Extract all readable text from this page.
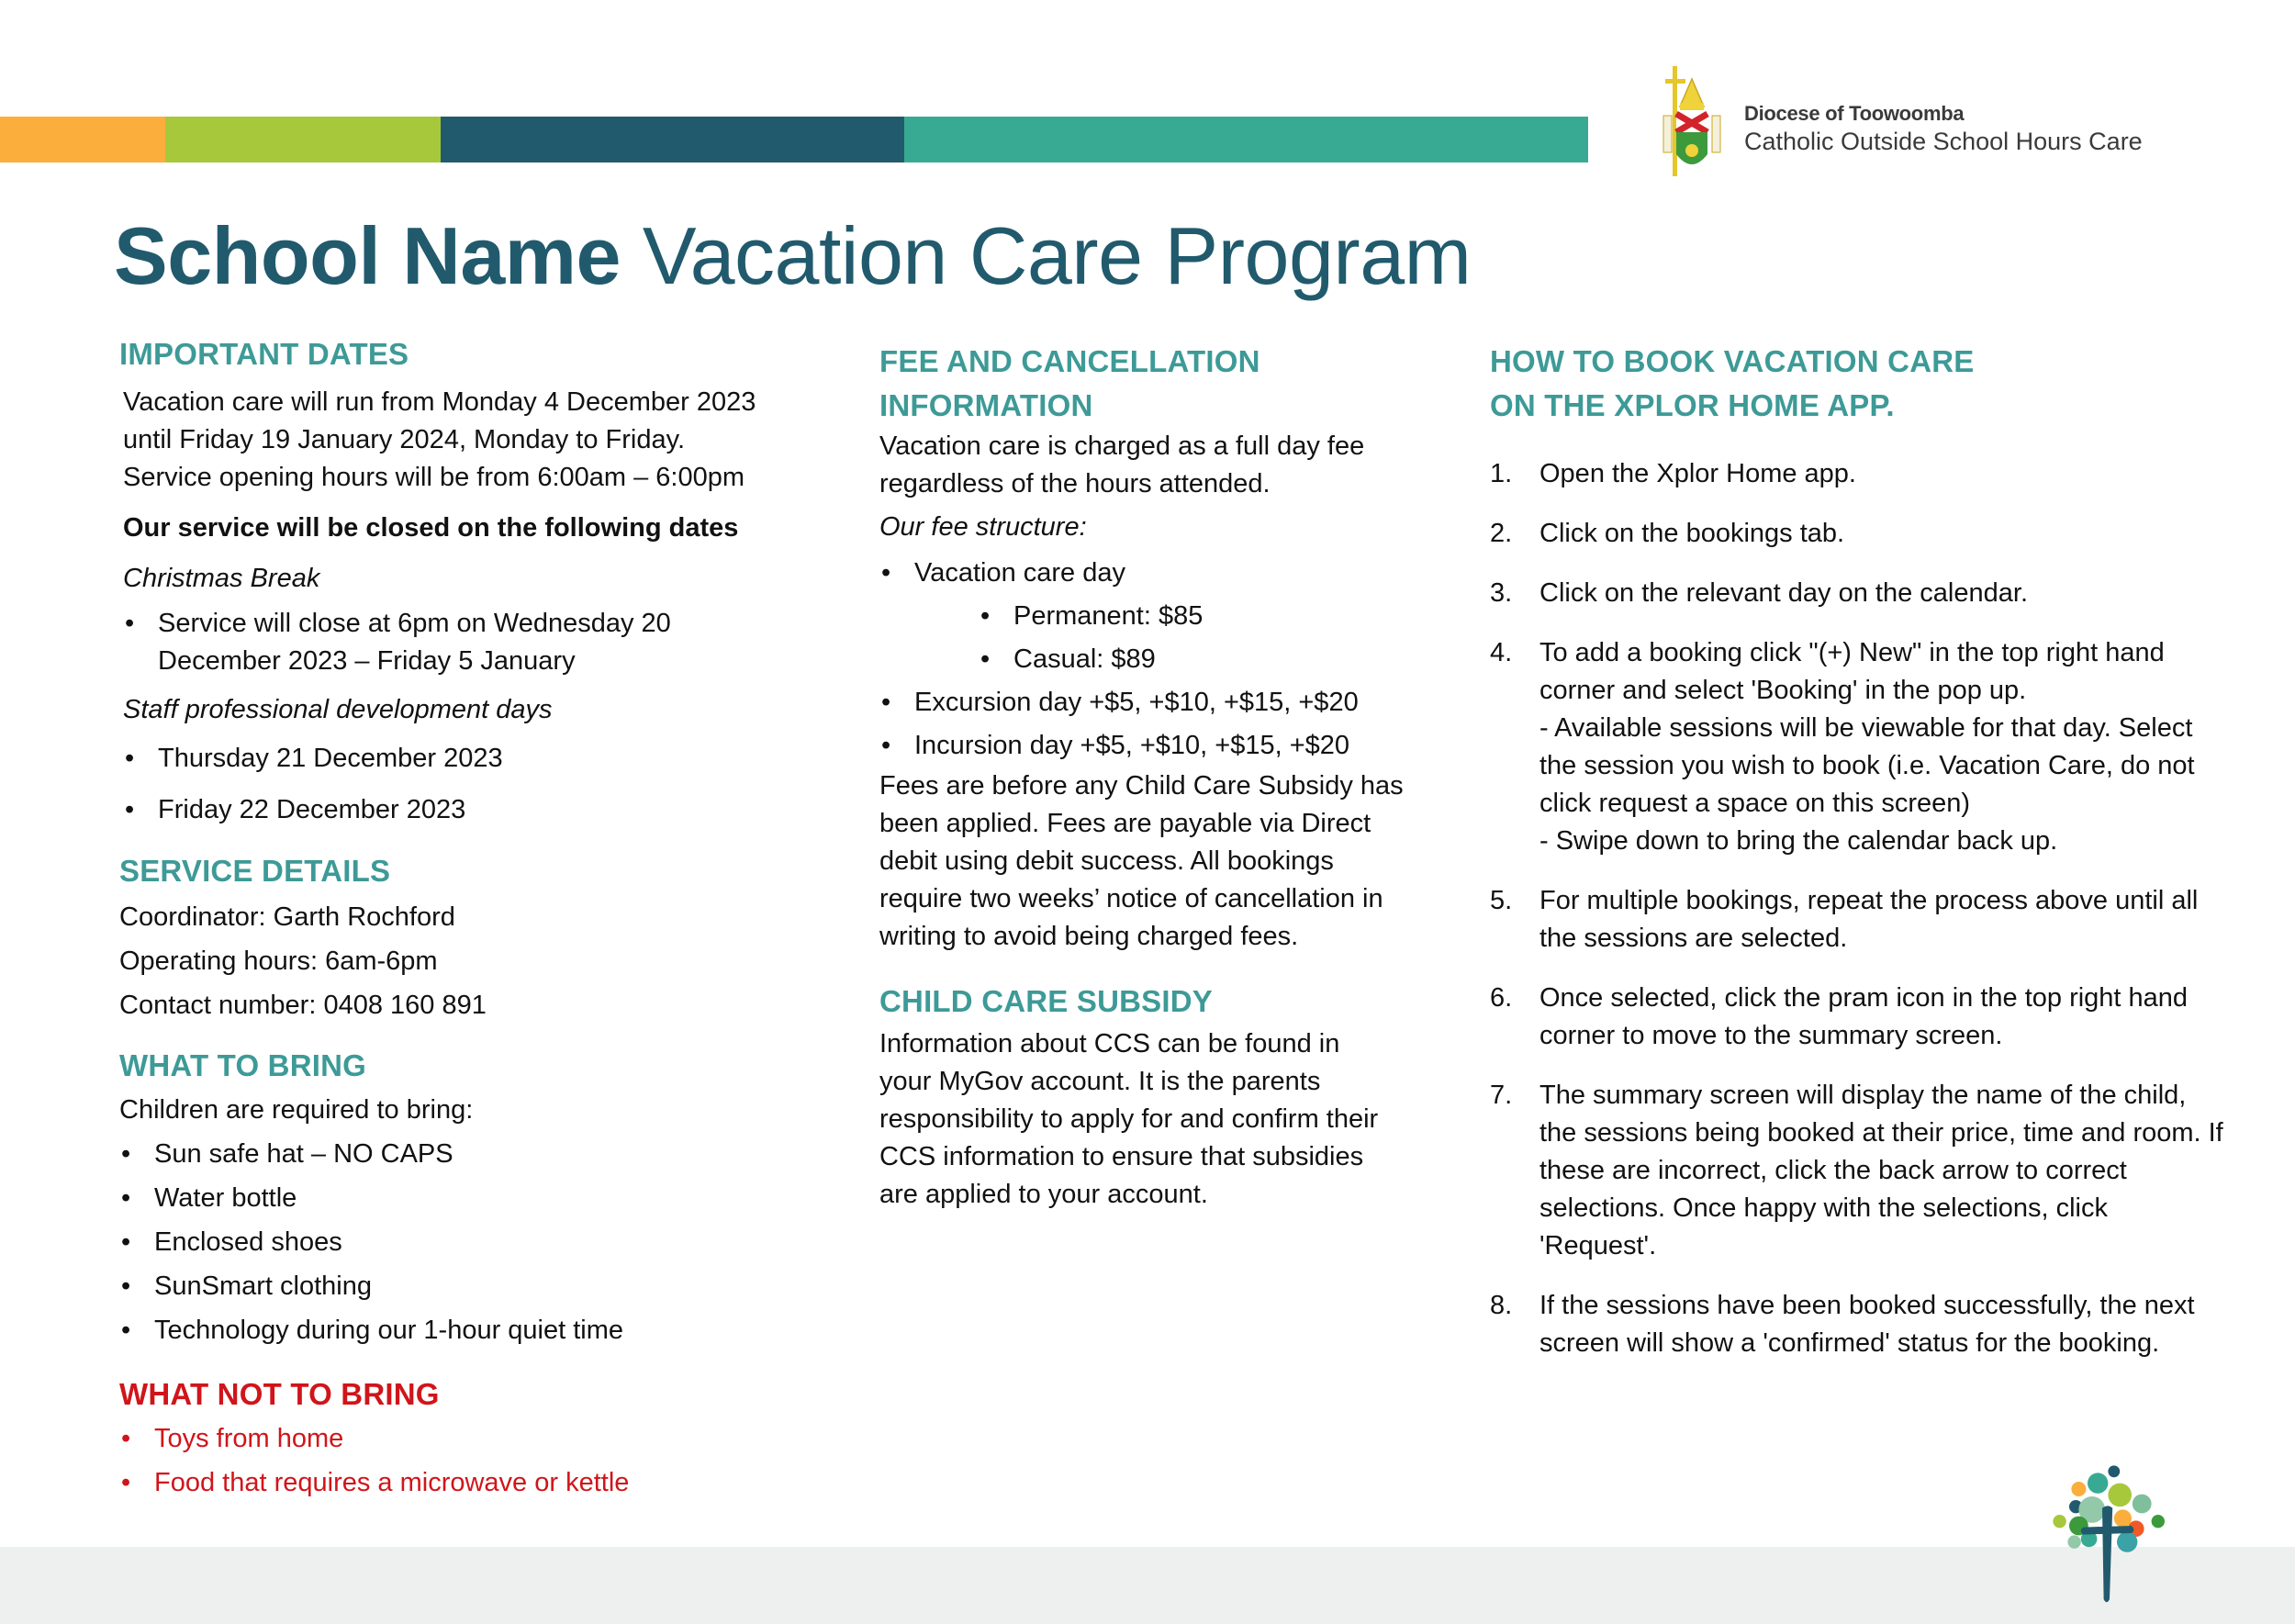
Diocese of Toowoomba
Catholic Outside School Hours Care
School Name Vacation Care Program
IMPORTANT DATES

Vacation care will run from Monday 4 December 2023

until Friday 19 January 2024, Monday to Friday.

Service opening hours will be from 6:00am – 6:00pm

Our service will be closed on the following dates

Christmas Break

• Service will close at 6pm on Wednesday 20 December 2023 – Friday 5 January

Staff professional development days

• Thursday 21 December 2023
• Friday 22 December 2023
SERVICE DETAILS

Coordinator: Garth Rochford

Operating hours: 6am-6pm

Contact number: 0408 160 891

WHAT TO BRING

Children are required to bring:

• Sun safe hat – NO CAPS
• Water bottle
• Enclosed shoes
• SunSmart clothing
• Technology during our 1-hour quiet time
WHAT NOT TO BRING
• Toys from home
• Food that requires a microwave or kettle
FEE AND CANCELLATION
INFORMATION

Vacation care is charged as a full day fee regardless of the hours attended.

Our fee structure:

• Vacation care day
• Permanent: $85
• Casual: $89
• Excursion day +$5, +$10, +$15, +$20
• Incursion day +$5, +$10, +$15, +$20

Fees are before any Child Care Subsidy has been applied. Fees are payable via Direct debit using debit success. All bookings require two weeks’ notice of cancellation in writing to avoid being charged fees.

CHILD CARE SUBSIDY

Information about CCS can be found in your MyGov account. It is the parents responsibility to apply for and confirm their CCS information to ensure that subsidies are applied to your account.

HOW TO BOOK VACATION CARE
ON THE XPLOR HOME APP.
1. Open the Xplor Home app.
2. Click on the bookings tab.
3. Click on the relevant day on the calendar.
4. To add a booking click "(+) New" in the top right hand corner and select 'Booking' in the pop up.
- Available sessions will be viewable for that day. Select the session you wish to book (i.e. Vacation Care, do not click request a space on this screen)
- Swipe down to bring the calendar back up.
5. For multiple bookings, repeat the process above until all the sessions are selected.
6. Once selected, click the pram icon in the top right hand corner to move to the summary screen.
7. The summary screen will display the name of the child, the sessions being booked at their price, time and room. If these are incorrect, click the back arrow to correct selections. Once happy with the selections, click 'Request'.
8. If the sessions have been booked successfully, the next screen will show a 'confirmed' status for the booking.
